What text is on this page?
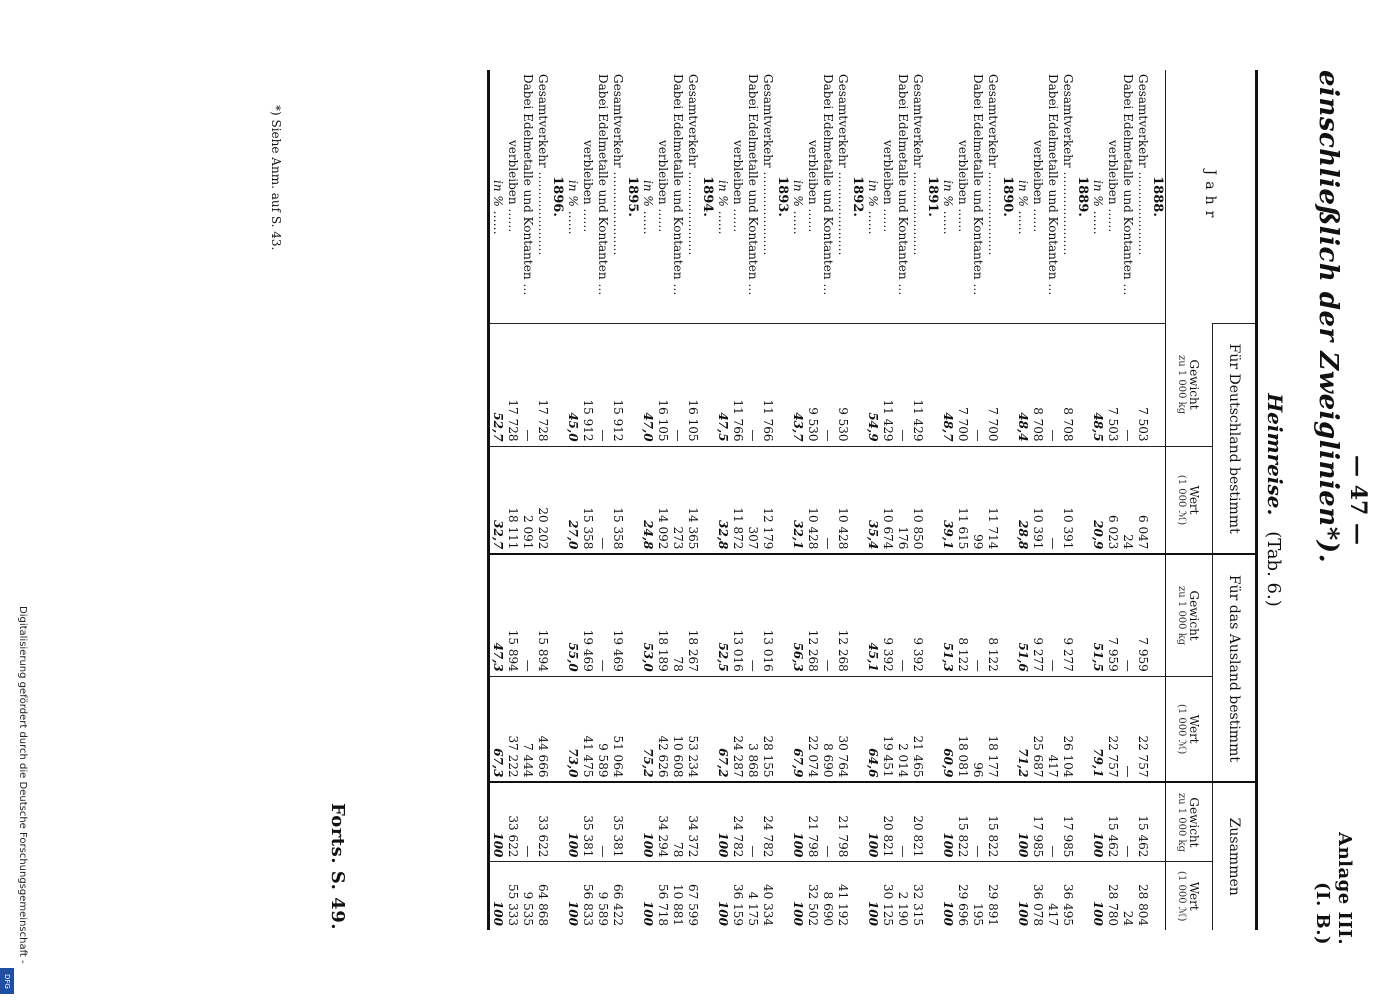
— 47 —
Anlage III.
(I. B.)
einschließlich der Zweiglinien*).
Heimreise. (Tab. 6.)
Jahr	Für Deutschland bestimmt		Für das Ausland bestimmt		Zusammen	
	Gewicht
zu 1 000 kg	Wert
(1 000 ℳ)	Gewicht
zu 1 000 kg	Wert
(1 000 ℳ)	Gewicht
zu 1 000 kg	Wert
(1 000 ℳ)

1888.						
Gesamtverkehr …………………	7 503	6 047	7 959	22 757	15 462	28 804
Dabei Edelmetalle und Kontanten …	—	24	—	—	—	24
verbleiben ……	7 503	6 023	7 959	22 757	15 462	28 780
in % ……	48,5	20,9	51,5	79,1	100	100
1889.						
Gesamtverkehr …………………	8 708	10 391	9 277	26 104	17 985	36 495
Dabei Edelmetalle und Kontanten …	—	—	—	417	—	417
verbleiben ……	8 708	10 391	9 277	25 687	17 985	36 078
in % ……	48,4	28,8	51,6	71,2	100	100
1890.						
Gesamtverkehr …………………	7 700	11 714	8 122	18 177	15 822	29 891
Dabei Edelmetalle und Kontanten …	—	99	—	96	—	195
verbleiben ……	7 700	11 615	8 122	18 081	15 822	29 696
in % ……	48,7	39,1	51,3	60,9	100	100
1891.						
Gesamtverkehr …………………	11 429	10 850	9 392	21 465	20 821	32 315
Dabei Edelmetalle und Kontanten …	—	176	—	2 014	—	2 190
verbleiben ……	11 429	10 674	9 392	19 451	20 821	30 125
in % ……	54,9	35,4	45,1	64,6	100	100
1892.						
Gesamtverkehr …………………	9 530	10 428	12 268	30 764	21 798	41 192
Dabei Edelmetalle und Kontanten …	—	—	—	8 690	—	8 690
verbleiben ……	9 530	10 428	12 268	22 074	21 798	32 502
in % ……	43,7	32,1	56,3	67,9	100	100
1893.						
Gesamtverkehr …………………	11 766	12 179	13 016	28 155	24 782	40 334
Dabei Edelmetalle und Kontanten …	—	307	—	3 868	—	4 175
verbleiben ……	11 766	11 872	13 016	24 287	24 782	36 159
in % ……	47,5	32,8	52,5	67,2	100	100
1894.						
Gesamtverkehr …………………	16 105	14 365	18 267	53 234	34 372	67 599
Dabei Edelmetalle und Kontanten …	—	273	78	10 608	78	10 881
verbleiben ……	16 105	14 092	18 189	42 626	34 294	56 718
in % ……	47,0	24,8	53,0	75,2	100	100
1895.						
Gesamtverkehr …………………	15 912	15 358	19 469	51 064	35 381	66 422
Dabei Edelmetalle und Kontanten …	—	—	—	9 589	—	9 589
verbleiben ……	15 912	15 358	19 469	41 475	35 381	56 833
in % ……	45,0	27,0	55,0	73,0	100	100
1896.						
Gesamtverkehr …………………	17 728	20 202	15 894	44 666	33 622	64 868
Dabei Edelmetalle und Kontanten …	—	2 091	—	7 444	—	9 535
verbleiben ……	17 728	18 111	15 894	37 222	33 622	55 333
in % ……	52,7	32,7	47,3	67,3	100	100
Forts. S. 49.
*) Siehe Anm. auf S. 43.
Digitalisierung gefördert durch die Deutsche Forschungsgemeinschaft -
DFG
